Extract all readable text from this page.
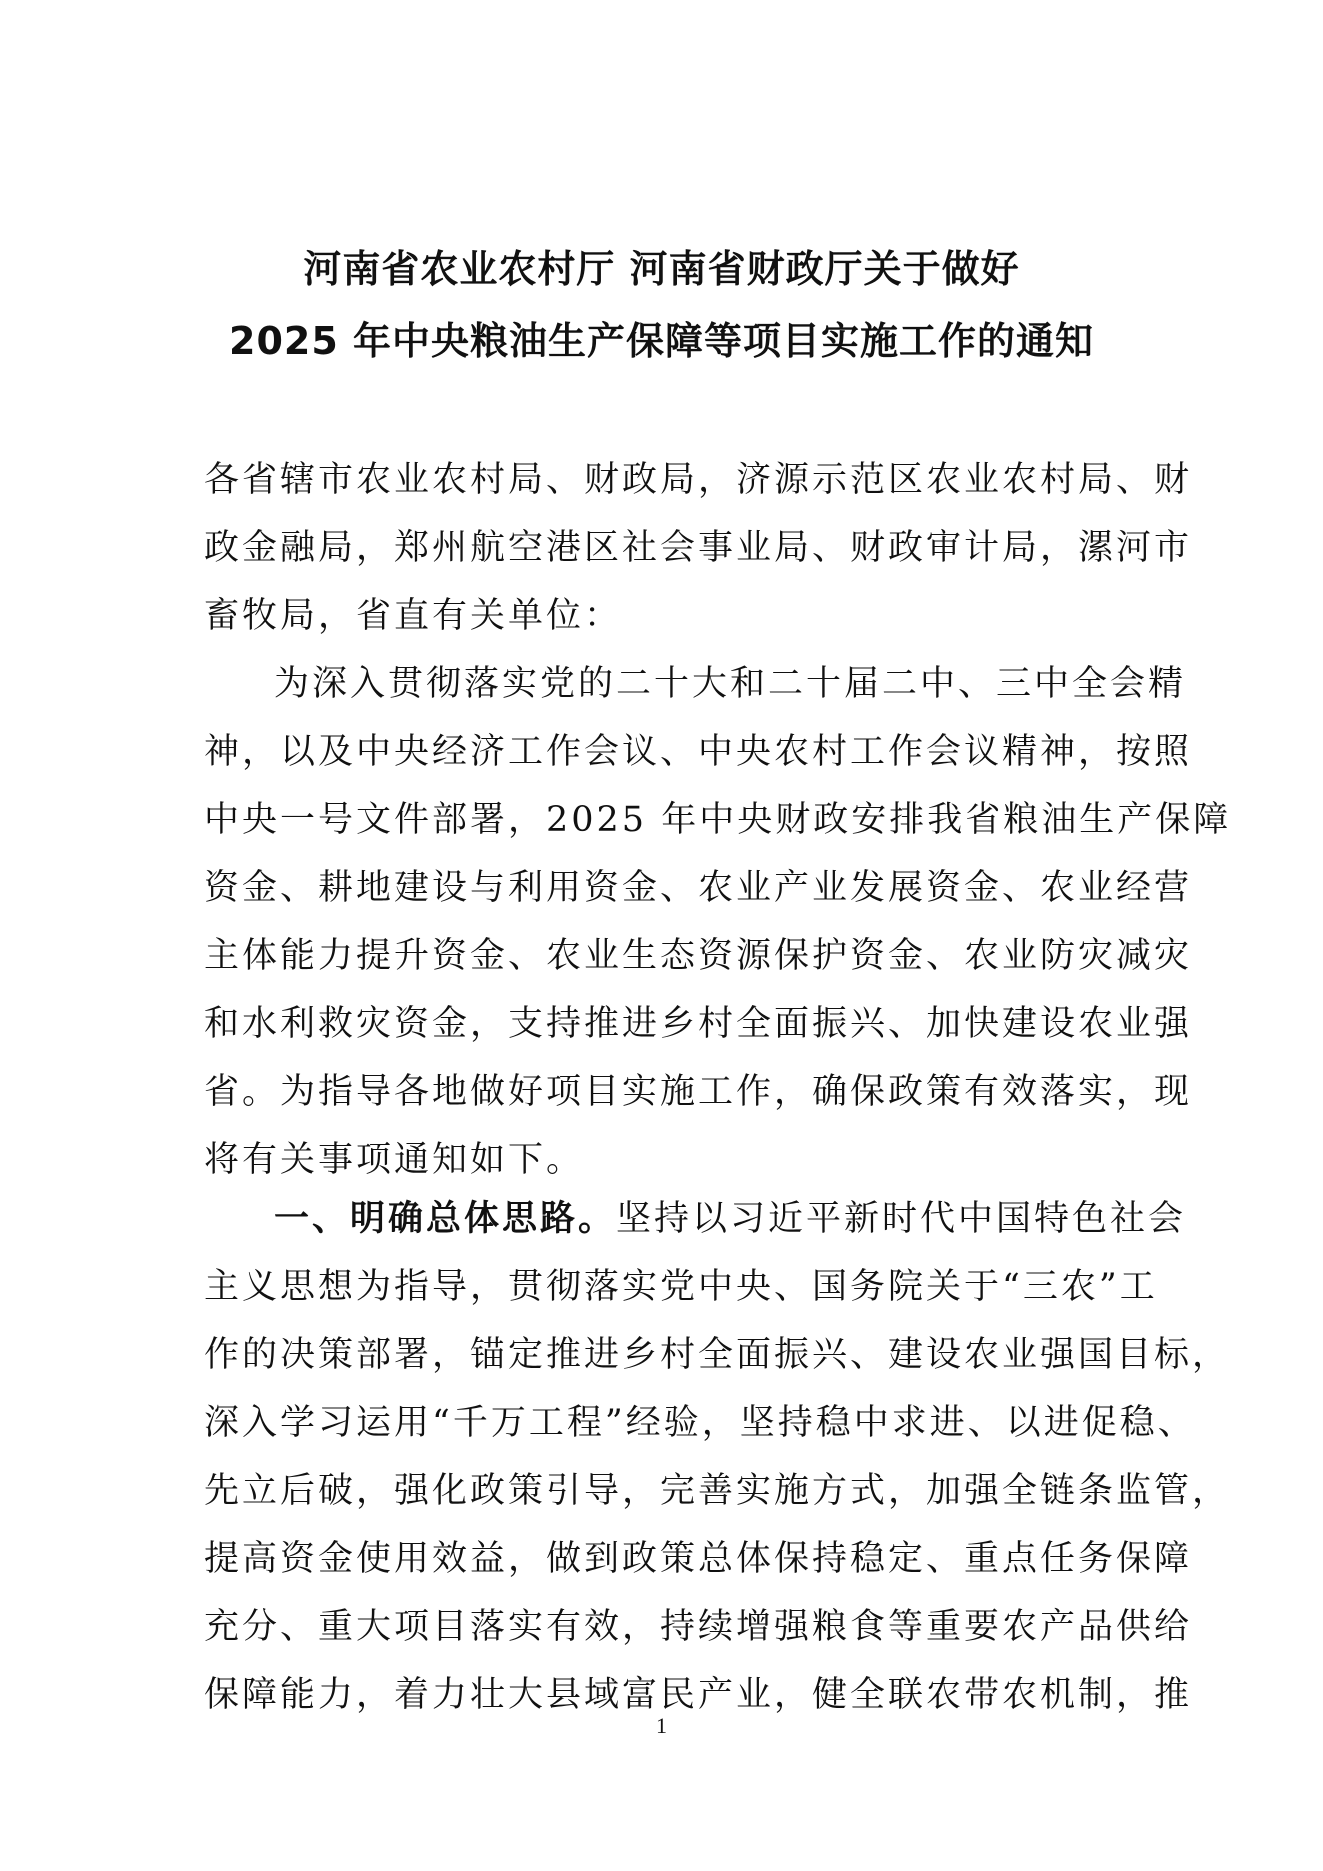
河南省农业农村厅 河南省财政厅关于做好
2025 年中央粮油生产保障等项目实施工作的通知
各省辖市农业农村局、财政局，济源示范区农业农村局、财
政金融局，郑州航空港区社会事业局、财政审计局，漯河市
畜牧局，省直有关单位：
为深入贯彻落实党的二十大和二十届二中、三中全会精
神，以及中央经济工作会议、中央农村工作会议精神，按照
中央一号文件部署，2025 年中央财政安排我省粮油生产保障
资金、耕地建设与利用资金、农业产业发展资金、农业经营
主体能力提升资金、农业生态资源保护资金、农业防灾减灾
和水利救灾资金，支持推进乡村全面振兴、加快建设农业强
省。为指导各地做好项目实施工作，确保政策有效落实，现
将有关事项通知如下。
一、明确总体思路。坚持以习近平新时代中国特色社会
主义思想为指导，贯彻落实党中央、国务院关于“三农”工
作的决策部署，锚定推进乡村全面振兴、建设农业强国目标，
深入学习运用“千万工程”经验，坚持稳中求进、以进促稳、
先立后破，强化政策引导，完善实施方式，加强全链条监管，
提高资金使用效益，做到政策总体保持稳定、重点任务保障
充分、重大项目落实有效，持续增强粮食等重要农产品供给
保障能力，着力壮大县域富民产业，健全联农带农机制，推
1
